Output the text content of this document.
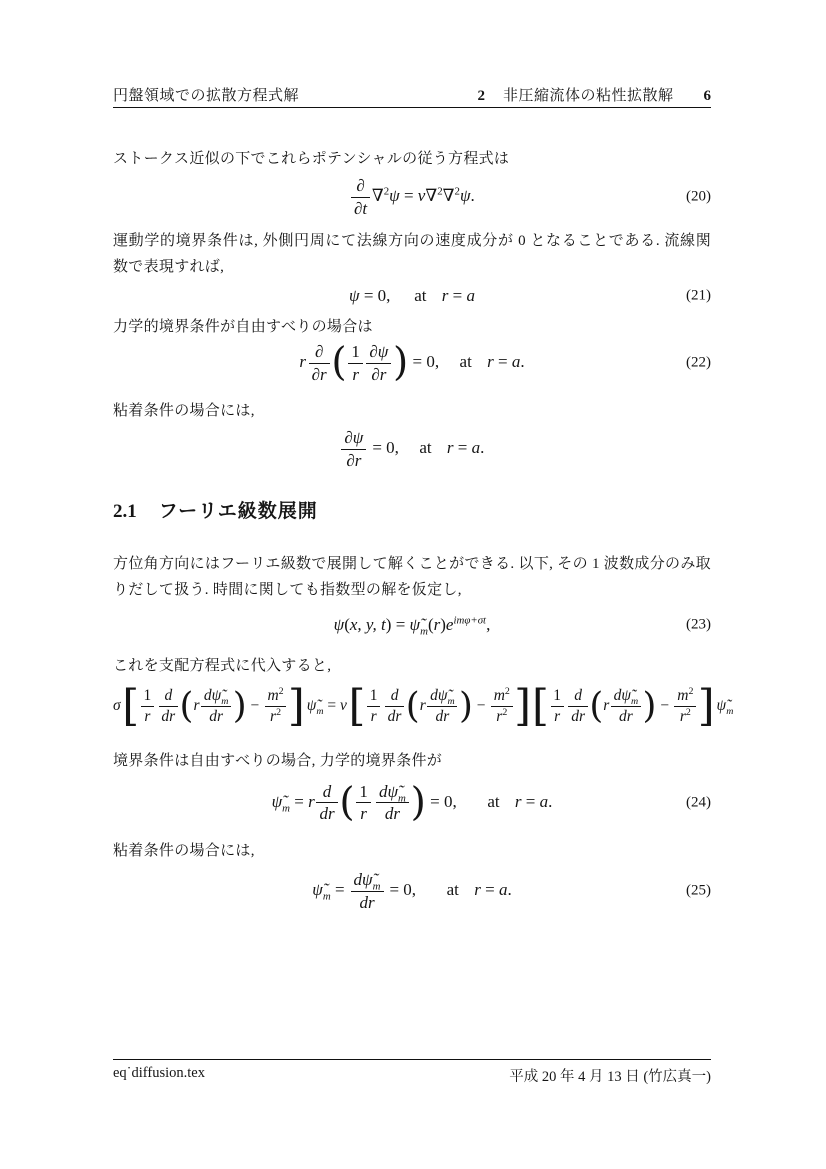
円盤領域での拡散方程式解	2 非圧縮流体の粘性拡散解 6

ストークス近似の下でこれらポテンシャルの従う方程式は

$\frac{\partial}{\partial t} \nabla^2\psi = \nu\nabla^2\nabla^2\psi$.	(20)

運動学的境界条件は, 外側円周にて法線方向の速度成分が 0 となることである. 流線関数で表現すれば,

ψ = 0, at r = a	(21)

力学的境界条件が自由すべりの場合は

r $\frac{\partial}{\partial r}$ ( $\frac{1}{r} \frac{\partial\psi}{\partial r}$ ) = 0, at r = a.	(22)

粘着条件の場合には,

$\frac{\partial\psi}{\partial r} = 0$, at r = a.
2.1 フーリエ級数展開

方位角方向にはフーリエ級数で展開して解くことができる. 以下, その 1 波数成分のみ取りだして扱う. 時間に関しても指数型の解を仮定し,

ψ(x, y, $t) = \psĩ_m(r)e^{im\varphi+\sigma t}$,	(23)

これを支配方程式に代入すると,

$\sigma[ \frac{1}{r} \frac{d}{dr} (r \frac{d\psĩ_m}{dr}$ ) − $\frac{m^2}{r^2}$ ] $\psĩ_m = \nu[ \frac{1}{r} \frac{d}{dr} (r \frac{d\psĩ_m}{dr}$ ) − $\frac{m^2}{r^2}$ ][ $\frac{1}{r} \frac{d}{dr} (r \frac{d\psĩ_m}{dr}$ ) − $\frac{m^2}{r^2}$ ] $\psĩ_m$

境界条件は自由すべりの場合, 力学的境界条件が

$\psĩ_m = r \frac{d}{dr}$ ( $\frac{1}{r} \frac{d\psĩ_m}{dr}$ ) = 0, at r = a.	(24)

粘着条件の場合には,

$\psĩ_m = \frac{d\psĩ_m}{dr} = 0$, at r = a.	(25)
eq˙diffusion.tex	平成 20 年 4 月 13 日 (竹広真一)
